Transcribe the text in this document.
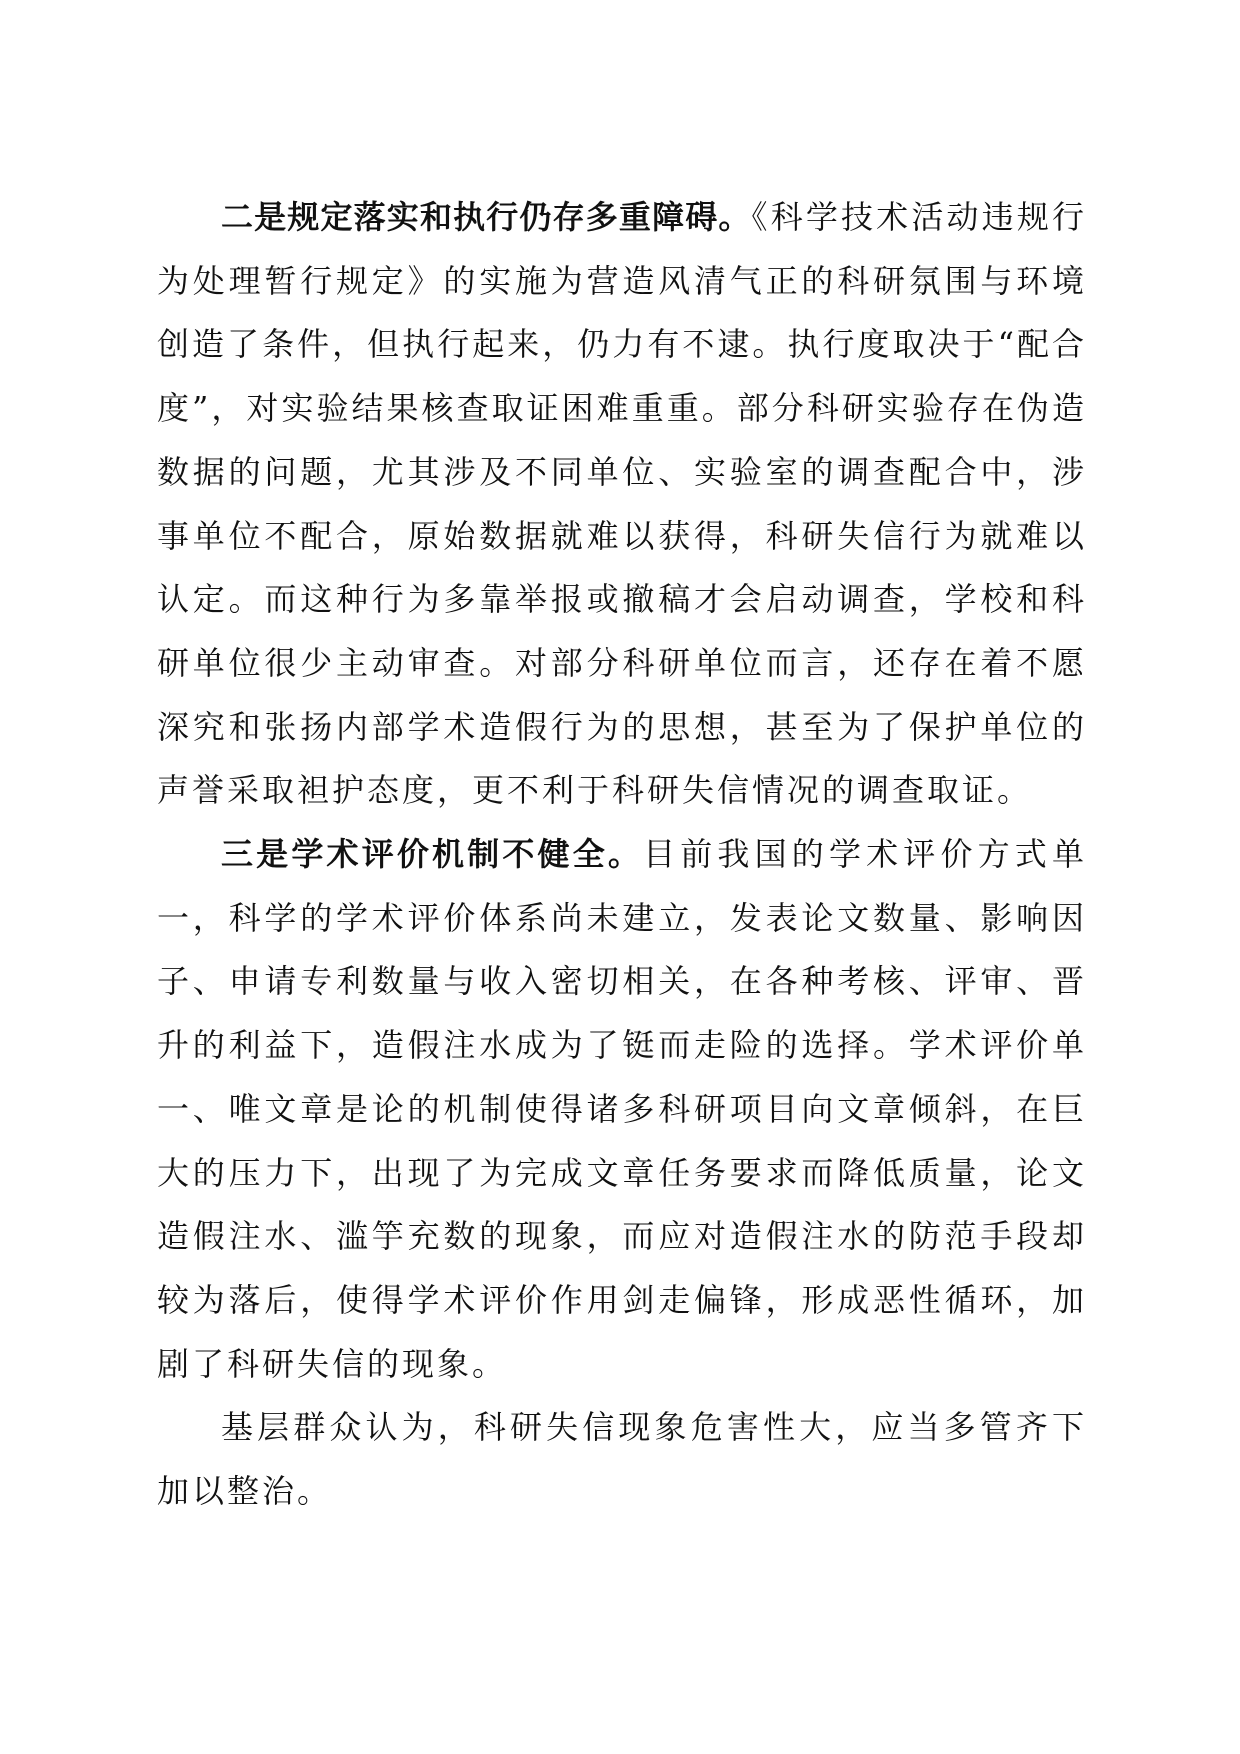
二是规定落实和执行仍存多重障碍。《科学技术活动违规行为处理暂行规定》的实施为营造风清气正的科研氛围与环境创造了条件，但执行起来，仍力有不逮。执行度取决于“配合度”，对实验结果核查取证困难重重。部分科研实验存在伪造数据的问题，尤其涉及不同单位、实验室的调查配合中，涉事单位不配合，原始数据就难以获得，科研失信行为就难以认定。而这种行为多靠举报或撤稿才会启动调查，学校和科研单位很少主动审查。对部分科研单位而言，还存在着不愿深究和张扬内部学术造假行为的思想，甚至为了保护单位的声誉采取袒护态度，更不利于科研失信情况的调查取证。

三是学术评价机制不健全。目前我国的学术评价方式单一，科学的学术评价体系尚未建立，发表论文数量、影响因子、申请专利数量与收入密切相关，在各种考核、评审、晋升的利益下，造假注水成为了铤而走险的选择。学术评价单一、唯文章是论的机制使得诸多科研项目向文章倾斜，在巨大的压力下，出现了为完成文章任务要求而降低质量，论文造假注水、滥竽充数的现象，而应对造假注水的防范手段却较为落后，使得学术评价作用剑走偏锋，形成恶性循环，加剧了科研失信的现象。

基层群众认为，科研失信现象危害性大，应当多管齐下加以整治。
